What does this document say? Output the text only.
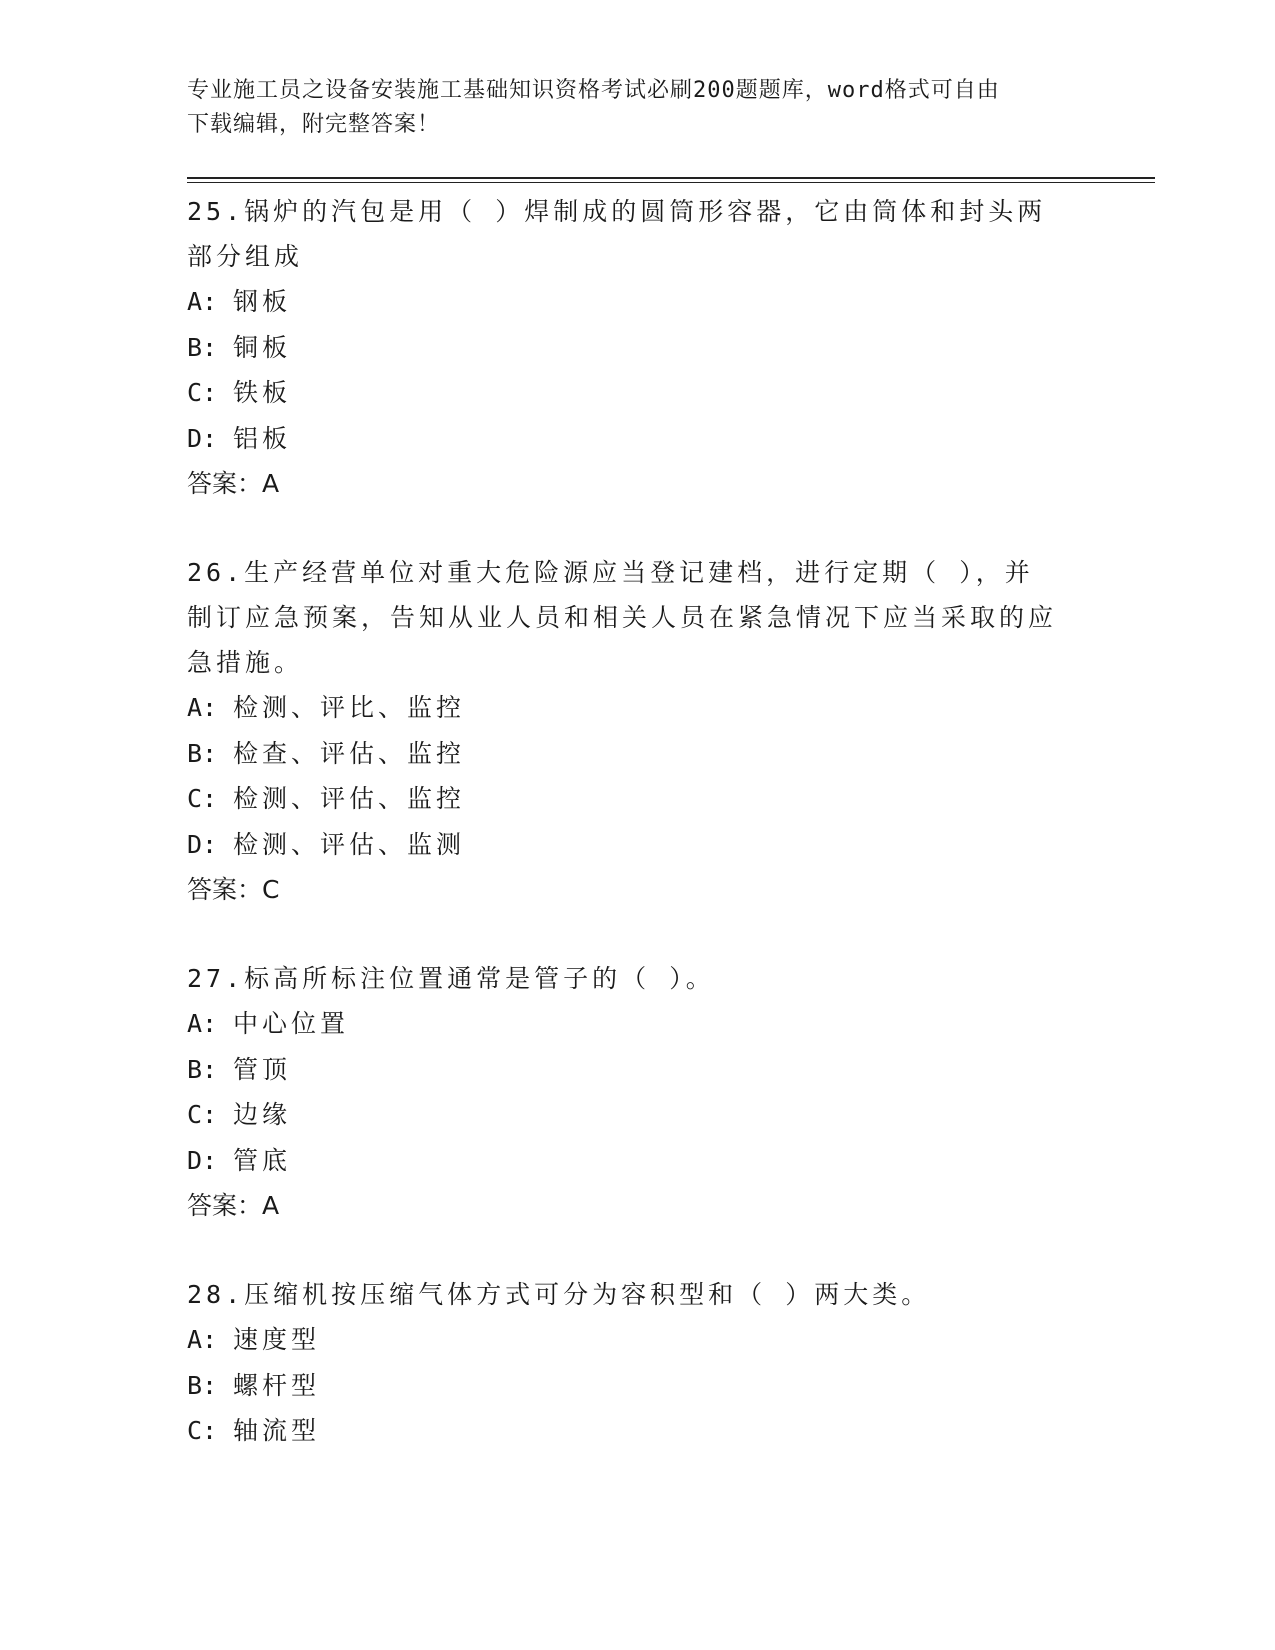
专业施工员之设备安装施工基础知识资格考试必刷200题题库，word格式可自由
下载编辑，附完整答案！
25.锅炉的汽包是用（ ）焊制成的圆筒形容器，它由筒体和封头两部分组成
A: 钢板
B: 铜板
C: 铁板
D: 铝板
答案：A
26.生产经营单位对重大危险源应当登记建档，进行定期（ ），并制订应急预案，告知从业人员和相关人员在紧急情况下应当采取的应急措施。
A: 检测、评比、监控
B: 检查、评估、监控
C: 检测、评估、监控
D: 检测、评估、监测
答案：C
27.标高所标注位置通常是管子的（ ）。
A: 中心位置
B: 管顶
C: 边缘
D: 管底
答案：A
28.压缩机按压缩气体方式可分为容积型和（ ）两大类。
A: 速度型
B: 螺杆型
C: 轴流型
